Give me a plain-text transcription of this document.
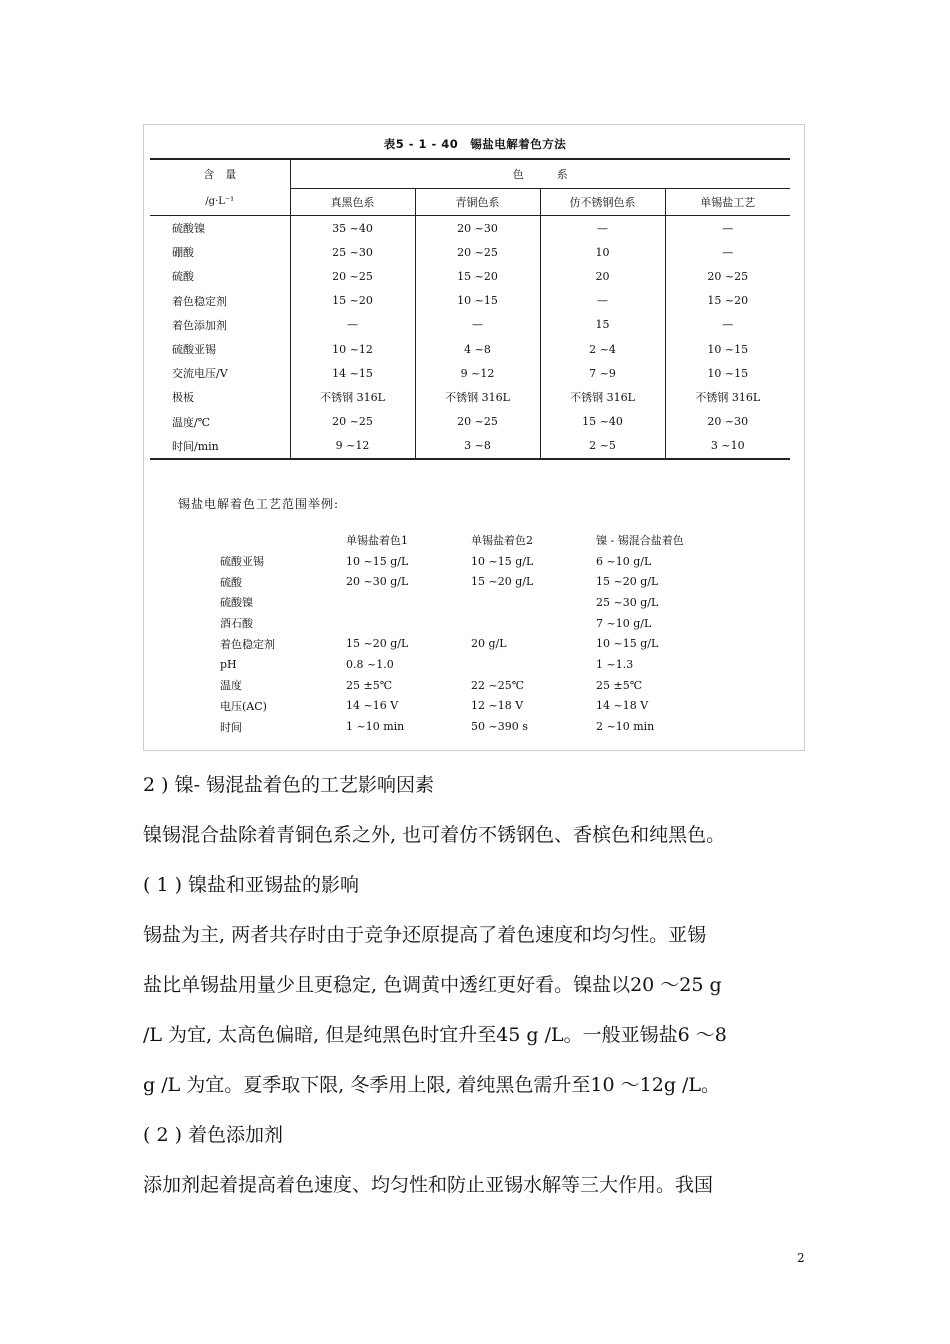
表5 - 1 - 40　锡盐电解着色方法
含　量	色　　　系			
/g·L⁻¹	真黑色系	青铜色系	仿不锈钢色系	单锡盐工艺
硫酸镍	35 ~40	20 ~30	—	—
硼酸	25 ~30	20 ~25	10	—
硫酸	20 ~25	15 ~20	20	20 ~25
着色稳定剂	15 ~20	10 ~15	—	15 ~20
着色添加剂	—	—	15	—
硫酸亚锡	10 ~12	4 ~8	2 ~4	10 ~15
交流电压/V	14 ~15	9 ~12	7 ~9	10 ~15
极板	不锈钢 316L	不锈钢 316L	不锈钢 316L	不锈钢 316L
温度/℃	20 ~25	20 ~25	15 ~40	20 ~30
时间/min	9 ~12	3 ~8	2 ~5	3 ~10
锡盐电解着色工艺范围举例:
	单锡盐着色1	单锡盐着色2	镍 - 锡混合盐着色
硫酸亚锡	10 ~15 g/L	10 ~15 g/L	6 ~10 g/L
硫酸	20 ~30 g/L	15 ~20 g/L	15 ~20 g/L
硫酸镍			25 ~30 g/L
酒石酸			7 ~10 g/L
着色稳定剂	15 ~20 g/L	20 g/L	10 ~15 g/L
pH	0.8 ~1.0		1 ~1.3
温度	25 ±5℃	22 ~25℃	25 ±5℃
电压(AC)	14 ~16 V	12 ~18 V	14 ~18 V
时间	1 ~10 min	50 ~390 s	2 ~10 min
2 ) 镍- 锡混盐着色的工艺影响因素
镍锡混合盐除着青铜色系之外, 也可着仿不锈钢色、香槟色和纯黑色。
( 1 ) 镍盐和亚锡盐的影响
锡盐为主, 两者共存时由于竞争还原提高了着色速度和均匀性。亚锡
盐比单锡盐用量少且更稳定, 色调黄中透红更好看。镍盐以20 ～25 g
/L 为宜, 太高色偏暗, 但是纯黑色时宜升至45 g /L。一般亚锡盐6 ～8
g /L 为宜。夏季取下限, 冬季用上限, 着纯黑色需升至10 ～12g /L。
( 2 ) 着色添加剂
添加剂起着提高着色速度、均匀性和防止亚锡水解等三大作用。我国
2
